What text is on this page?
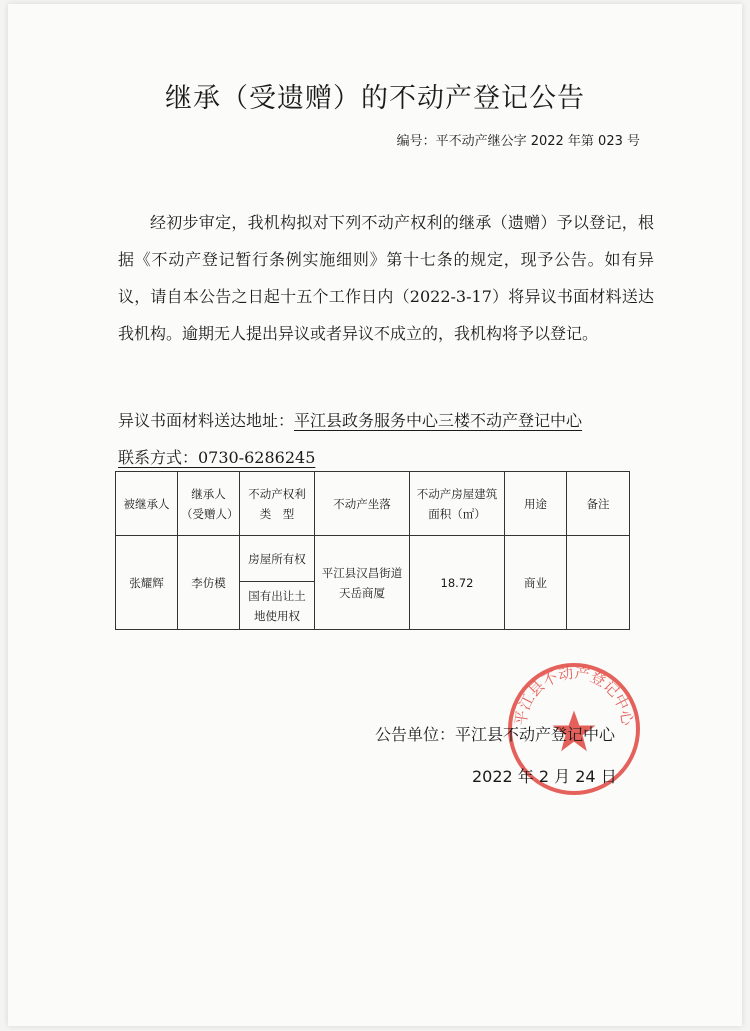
继承（受遗赠）的不动产登记公告
编号：平不动产继公字 2022 年第 023 号

经初步审定，我机构拟对下列不动产权利的继承（遗赠）予以登记，根据《不动产登记暂行条例实施细则》第十七条的规定，现予公告。如有异议，请自本公告之日起十五个工作日内（2022-3-17）将异议书面材料送达我机构。逾期无人提出异议或者异议不成立的，我机构将予以登记。

异议书面材料送达地址：平江县政务服务中心三楼不动产登记中心
联系方式：0730-6286245
被继承人	继承人（受赠人）	不动产权利类　型	不动产坐落	不动产房屋建筑面积（㎡）	用途	备注
张耀辉	李仿模	房屋所有权	平江县汉昌街道天岳商厦	18.72	商业	
		国有出让土地使用权				
平江县不动产登记中心
公告单位：平江县不动产登记中心
2022 年 2 月 24 日
